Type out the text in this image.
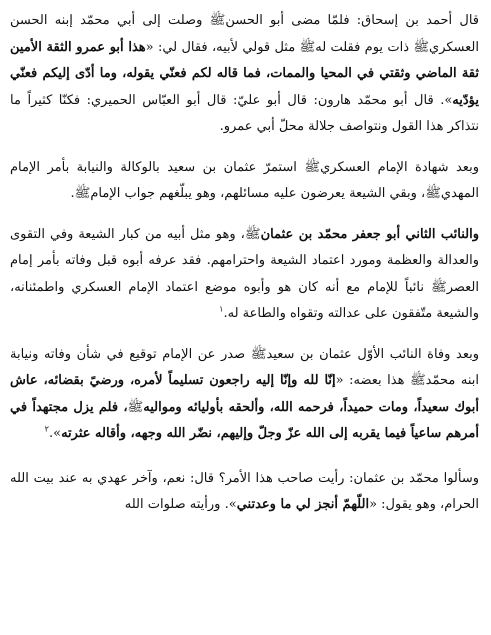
قال أحمد بن إسحاق: فلمّا مضى أبو الحسنﷺ وصلت إلى أبي محمّد إبنه الحسن العسكريﷺ ذات يوم فقلت لهﷺ مثل قولي لأبيه، فقال لي: «هذا أبو عمرو الثقة الأمين ثقة الماضي وثقتي في المحيا والممات، فما قاله لكم فعنّي يقوله، وما أدّى إليكم فعنّي يؤدّيه». قال أبو محمّد هارون: قال أبو عليّ: قال أبو العبّاس الحميري: فكنّا كثيراً ما نتذاكر هذا القول ونتواصف جلالة محلّ أبي عمرو.

وبعد شهادة الإمام العسكريﷺ استمرّ عثمان بن سعيد بالوكالة والنيابة بأمر الإمام المهديﷺ، وبقي الشيعة يعرضون عليه مسائلهم، وهو يبلّغهم جواب الإمامﷺ.

والنائب الثاني أبو جعفر محمّد بن عثمانﷺ، وهو مثل أبيه من كبار الشيعة وفي التقوى والعدالة والعظمة ومورد اعتماد الشيعة واحترامهم. فقد عرفه أبوه قبل وفاته بأمر إمام العصرﷺ نائباً للإمام مع أنه كان هو وأبوه موضع اعتماد الإمام العسكري واطمئنانه، والشيعة متّفقون على عدالته وتقواه والطاعة له.$^١$

وبعد وفاة النائب الأوّل عثمان بن سعيدﷺ صدر عن الإمام توقيع في شأن وفاته ونيابة ابنه محمّدﷺ هذا بعضه: «إنّا لله وإنّا إليه راجعون تسليماً لأمره، ورضيً بقضائه، عاش أبوك سعيداً، ومات حميداً، فرحمه الله، وألحقه بأوليائه ومواليهﷺ، فلم يزل مجتهداً في أمرهم ساعياً فيما يقربه إلى الله عزّ وجلّ وإليهم، نضّر الله وجهه، وأقاله عثرته».$^٢$

وسألوا محمّد بن عثمان: رأيت صاحب هذا الأمر؟ قال: نعم، وآخر عهدي به عند بيت الله الحرام، وهو يقول: «اللّهمّ أنجز لي ما وعدتني». ورأيته صلوات الله
